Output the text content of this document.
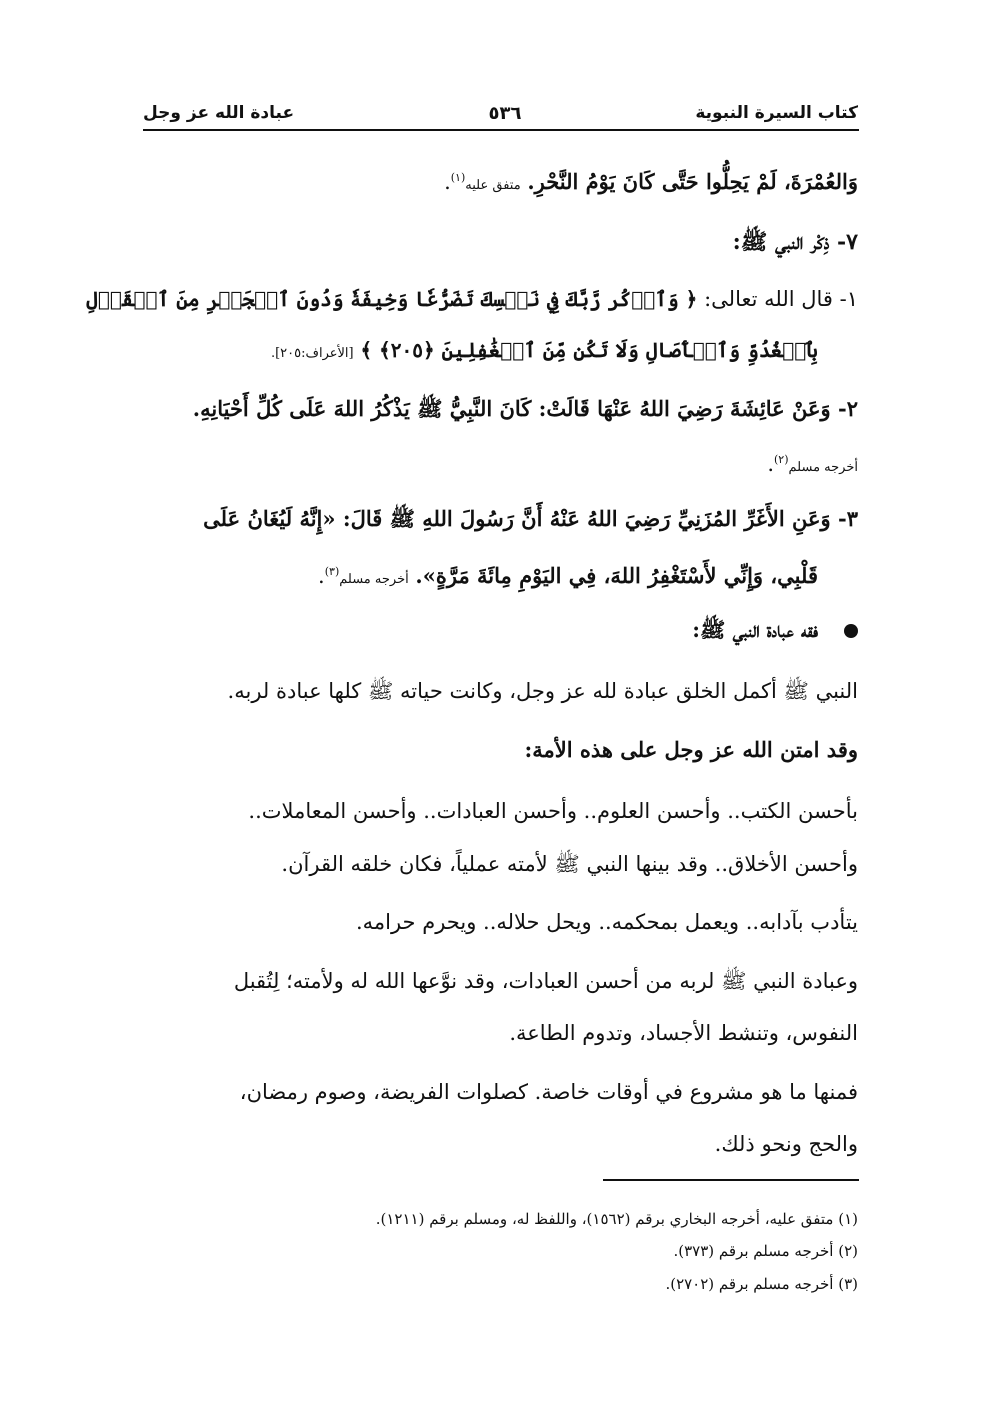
كتاب السيرة النبوية
٥٣٦
عبادة الله عز وجل
وَالعُمْرَةَ، لَمْ يَحِلُّوا حَتَّى كَانَ يَوْمُ النَّحْرِ. متفق عليه$^{(١)}$.
٧- ذِكْر النبي ﷺ:
١- قال الله تعالى: ﴿ وَٱذۡكُر رَّبَّكَ فِي نَفۡسِكَ تَضَرُّعٗا وَخِيفَةٗ وَدُونَ ٱلۡجَهۡرِ مِنَ ٱلۡقَوۡلِ
بِٱلۡغُدُوِّ وَٱلۡأٓصَالِ وَلَا تَكُن مِّنَ ٱلۡغَٰفِلِينَ ﴿٢٠٥﴾ ﴾ [الأعراف:٢٠٥].
٢- وَعَنْ عَائِشَةَ رَضِيَ اللهُ عَنْهَا قَالَتْ: كَانَ النَّبِيُّ ﷺ يَذْكُرُ اللهَ عَلَى كُلِّ أَحْيَانِهِ.
أخرجه مسلم$^{(٢)}$.
٣- وَعَنِ الأَغَرِّ المُزَنِيِّ رَضِيَ اللهُ عَنْهُ أَنَّ رَسُولَ اللهِ ﷺ قَالَ: «إِنَّهُ لَيُغَانُ عَلَى
قَلْبِي، وَإِنِّي لأَسْتَغْفِرُ اللهَ، فِي اليَوْمِ مِائَةَ مَرَّةٍ». أخرجه مسلم$^{(٣)}$.
فقه عبادة النبي ﷺ:
النبي ﷺ أكمل الخلق عبادة لله عز وجل، وكانت حياته ﷺ كلها عبادة لربه.
وقد امتن الله عز وجل على هذه الأمة:
بأحسن الكتب.. وأحسن العلوم.. وأحسن العبادات.. وأحسن المعاملات..
وأحسن الأخلاق.. وقد بينها النبي ﷺ لأمته عملياً، فكان خلقه القرآن.
يتأدب بآدابه.. ويعمل بمحكمه.. ويحل حلاله.. ويحرم حرامه.
وعبادة النبي ﷺ لربه من أحسن العبادات، وقد نوَّعها الله له ولأمته؛ لِتُقبل
النفوس، وتنشط الأجساد، وتدوم الطاعة.
فمنها ما هو مشروع في أوقات خاصة. كصلوات الفريضة، وصوم رمضان،
والحج ونحو ذلك.
(١) متفق عليه، أخرجه البخاري برقم (١٥٦٢)، واللفظ له، ومسلم برقم (١٢١١).
(٢) أخرجه مسلم برقم (٣٧٣).
(٣) أخرجه مسلم برقم (٢٧٠٢).
